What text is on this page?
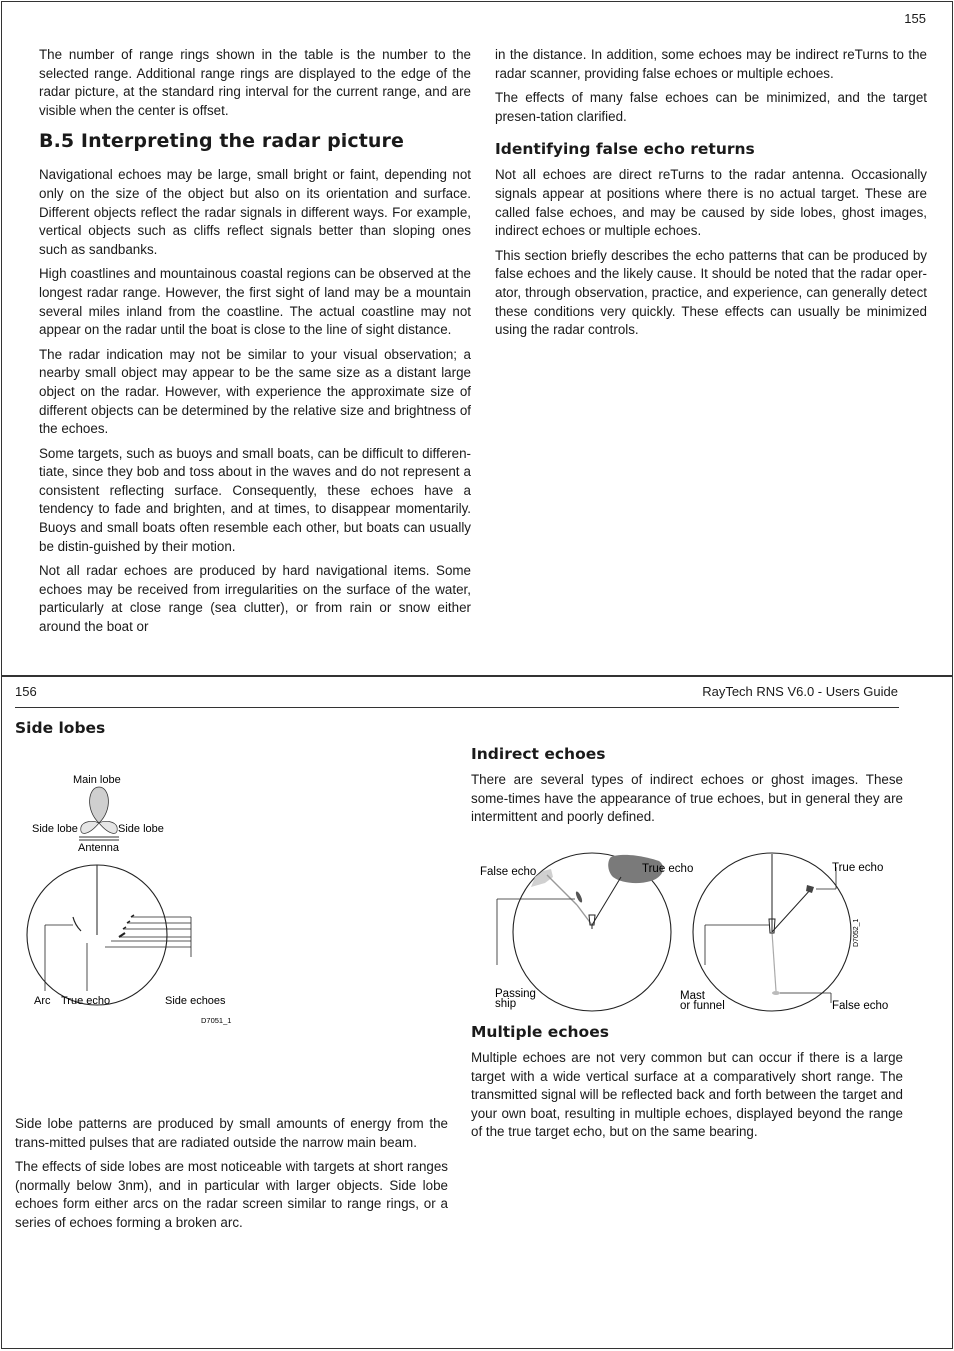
155

The number of range rings shown in the table is the number to the selected range. Additional range rings are displayed to the edge of the radar picture, at the standard ring interval for the current range, and are visible when the center is offset.

B.5 Interpreting the radar picture

Navigational echoes may be large, small bright or faint, depending not only on the size of the object but also on its orientation and surface. Different objects reflect the radar signals in different ways. For example, vertical objects such as cliffs reflect signals better than sloping ones such as sandbanks.

High coastlines and mountainous coastal regions can be observed at the longest radar range. However, the first sight of land may be a mountain several miles inland from the coastline. The actual coastline may not appear on the radar until the boat is close to the line of sight distance.

The radar indication may not be similar to your visual observation; a nearby small object may appear to be the same size as a distant large object on the radar. However, with experience the approximate size of different objects can be determined by the relative size and brightness of the echoes.

Some targets, such as buoys and small boats, can be difficult to differen-tiate, since they bob and toss about in the waves and do not represent a consistent reflecting surface. Consequently, these echoes have a tendency to fade and brighten, and at times, to disappear momentarily. Buoys and small boats often resemble each other, but boats can usually be distin-guished by their motion.

Not all radar echoes are produced by hard navigational items. Some echoes may be received from irregularities on the surface of the water, particularly at close range (sea clutter), or from rain or snow either around the boat or

in the distance. In addition, some echoes may be indirect reTurns to the radar scanner, providing false echoes or multiple echoes.

The effects of many false echoes can be minimized, and the target presen-tation clarified.

Identifying false echo returns

Not all echoes are direct reTurns to the radar antenna. Occasionally signals appear at positions where there is no actual target. These are called false echoes, and may be caused by side lobes, ghost images, indirect echoes or multiple echoes.

This section briefly describes the echo patterns that can be produced by false echoes and the likely cause. It should be noted that the radar oper-ator, through observation, practice, and experience, can generally detect these conditions very quickly. These effects can usually be minimized using the radar controls.

156	RayTech RNS V6.0 - Users Guide
Side lobes
Main lobe
Side lobe	Side lobe
Antenna
Arc True echo	Side echoes
D7051_1

Side lobe patterns are produced by small amounts of energy from the trans-mitted pulses that are radiated outside the narrow main beam.

The effects of side lobes are most noticeable with targets at short ranges (normally below 3nm), and in particular with larger objects. Side lobe echoes form either arcs on the radar screen similar to range rings, or a series of echoes forming a broken arc.

Indirect echoes

There are several types of indirect echoes or ghost images. These some-times have the appearance of true echoes, but in general they are intermittent and poorly defined.

False echo	True echo
Passing
ship
True echo
Mast
or funnel	False echo
D7052_1
Multiple echoes

Multiple echoes are not very common but can occur if there is a large target with a wide vertical surface at a comparatively short range. The transmitted signal will be reflected back and forth between the target and your own boat, resulting in multiple echoes, displayed beyond the range of the true target echo, but on the same bearing.
